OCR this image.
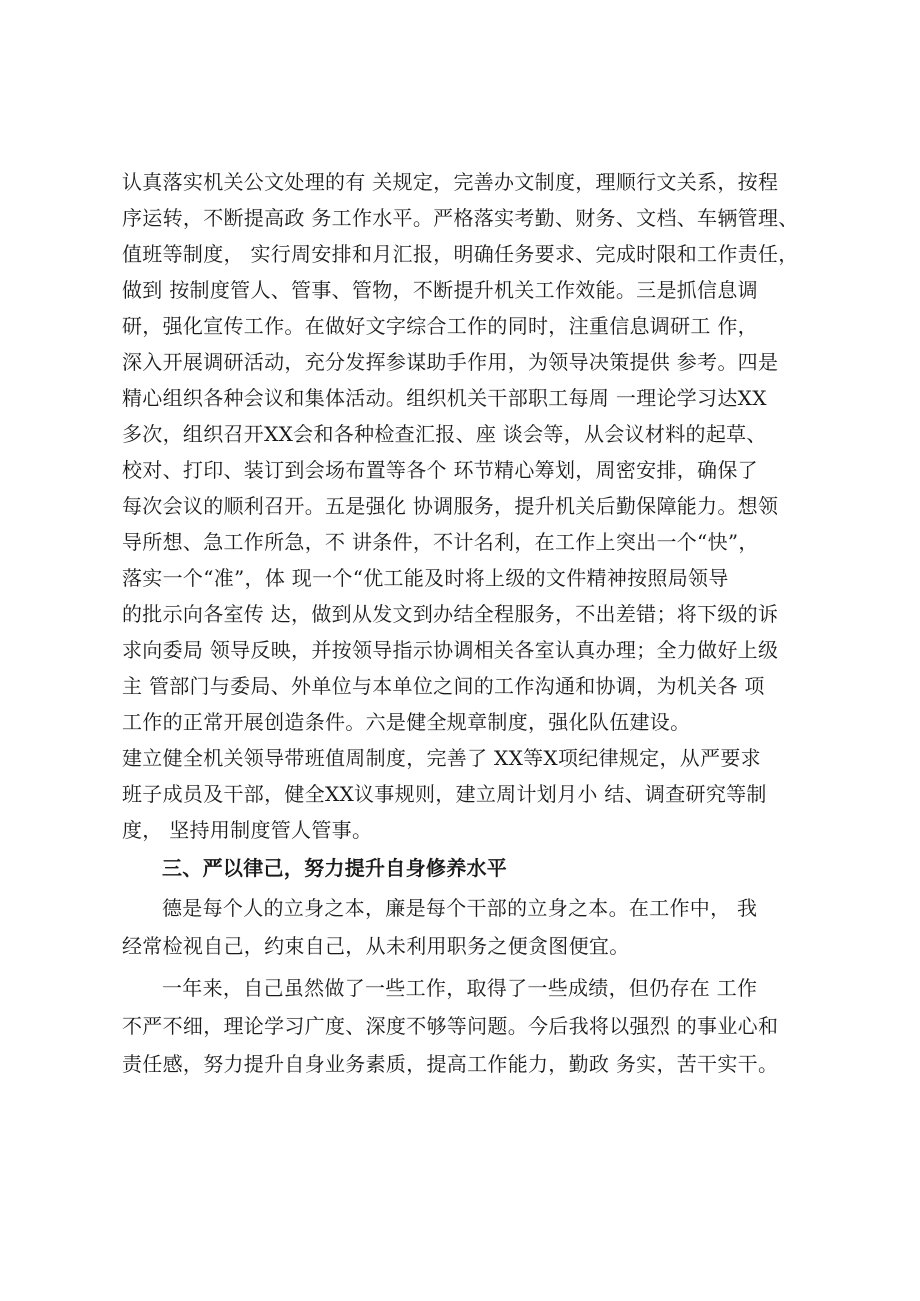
认真落实机关公文处理的有 关规定，完善办文制度，理顺行文关系，按程
序运转，不断提高政 务工作水平。严格落实考勤、财务、文档、车辆管理、
值班等制度， 实行周安排和月汇报，明确任务要求、完成时限和工作责任，
做到 按制度管人、管事、管物，不断提升机关工作效能。三是抓信息调
研，强化宣传工作。在做好文字综合工作的同时，注重信息调研工 作，
深入开展调研活动，充分发挥参谋助手作用，为领导决策提供 参考。四是
精心组织各种会议和集体活动。组织机关干部职工每周 一理论学习达XX
多次，组织召开XX会和各种检查汇报、座 谈会等，从会议材料的起草、
校对、打印、装订到会场布置等各个 环节精心筹划，周密安排，确保了
每次会议的顺利召开。五是强化 协调服务，提升机关后勤保障能力。想领
导所想、急工作所急，不 讲条件，不计名利，在工作上突出一个“快”，
落实一个“准”，体 现一个“优工能及时将上级的文件精神按照局领导
的批示向各室传 达，做到从发文到办结全程服务，不出差错；将下级的诉
求向委局 领导反映，并按领导指示协调相关各室认真办理；全力做好上级
主 管部门与委局、外单位与本单位之间的工作沟通和协调，为机关各 项
工作的正常开展创造条件。六是健全规章制度，强化队伍建设。
建立健全机关领导带班值周制度，完善了 XX等X项纪律规定，从严要求
班子成员及干部，健全XX议事规则，建立周计划月小 结、调查研究等制
度， 坚持用制度管人管事。
三、严以律己，努力提升自身修养水平
德是每个人的立身之本，廉是每个干部的立身之本。在工作中， 我
经常检视自己，约束自己，从未利用职务之便贪图便宜。
一年来，自己虽然做了一些工作，取得了一些成绩，但仍存在 工作
不严不细，理论学习广度、深度不够等问题。今后我将以强烈 的事业心和
责任感，努力提升自身业务素质，提高工作能力，勤政 务实，苦干实干。
